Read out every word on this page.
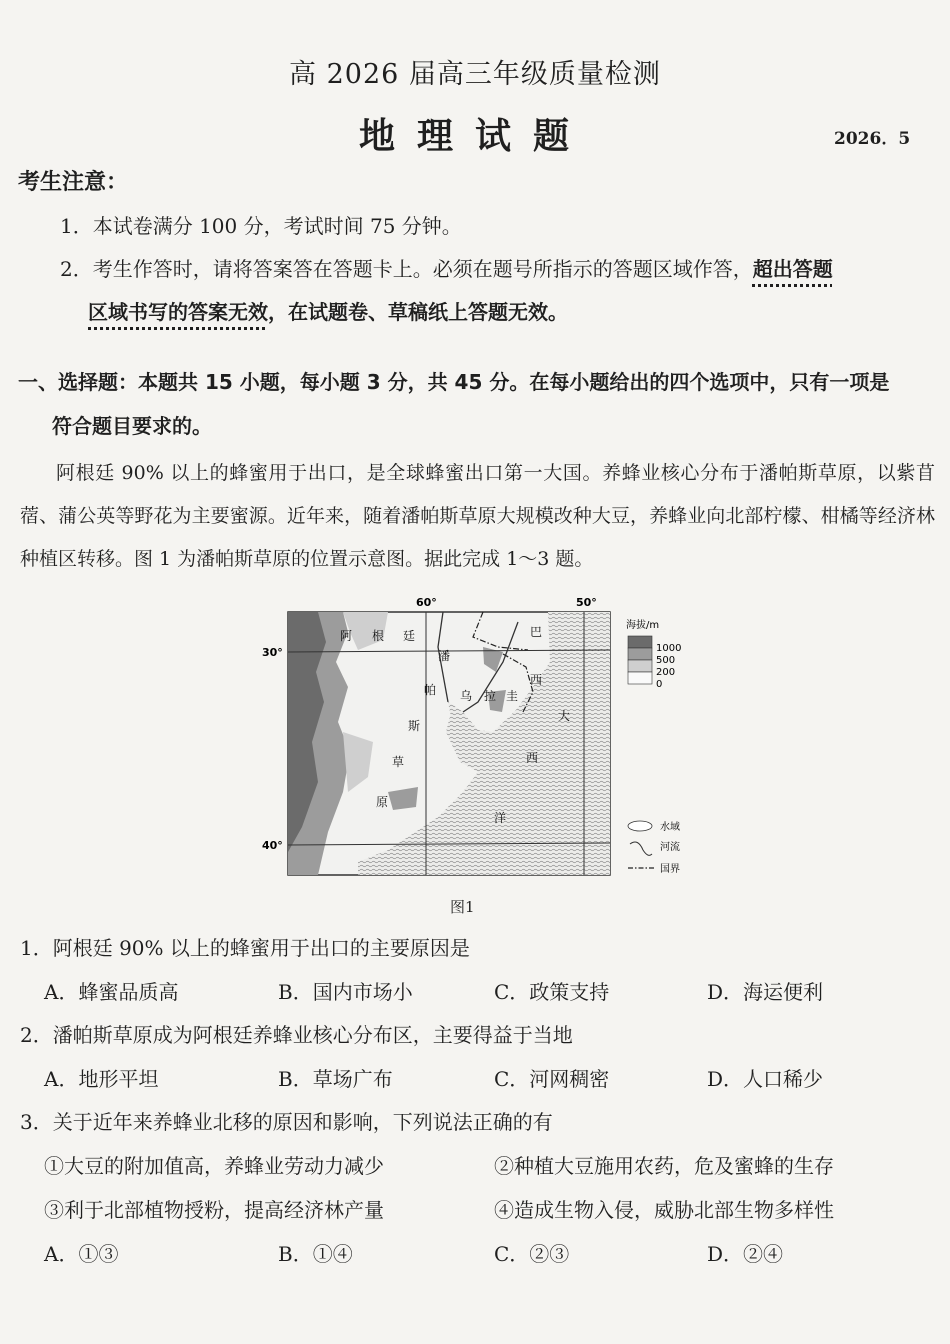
高 2026 届高三年级质量检测
地理试题	2026．5
考生注意：
1．本试卷满分 100 分，考试时间 75 分钟。
2．考生作答时，请将答案答在答题卡上。必须在题号所指示的答题区域作答，超出答题
区域书写的答案无效，在试题卷、草稿纸上答题无效。
一、选择题：本题共 15 小题，每小题 3 分，共 45 分。在每小题给出的四个选项中，只有一项是
符合题目要求的。
阿根廷 90% 以上的蜂蜜用于出口，是全球蜂蜜出口第一大国。养蜂业核心分布于潘帕斯草原，以紫苜蓿、蒲公英等野花为主要蜜源。近年来，随着潘帕斯草原大规模改种大豆，养蜂业向北部柠檬、柑橘等经济林种植区转移。图 1 为潘帕斯草原的位置示意图。据此完成 1～3 题。
60°	50°
30°
40°
阿 根 廷	巴
西
潘
帕
斯
草
原
乌 拉 圭
大
西
洋
海拔/m
1000
500
200
0
水域
河流
国界
图1
1．阿根廷 90% 以上的蜂蜜用于出口的主要原因是
A．蜂蜜品质高	B．国内市场小	C．政策支持	D．海运便利
2．潘帕斯草原成为阿根廷养蜂业核心分布区，主要得益于当地
A．地形平坦	B．草场广布	C．河网稠密	D．人口稀少
3．关于近年来养蜂业北移的原因和影响，下列说法正确的有
①大豆的附加值高，养蜂业劳动力减少	②种植大豆施用农药，危及蜜蜂的生存
③利于北部植物授粉，提高经济林产量	④造成生物入侵，威胁北部生物多样性
A．①③	B．①④	C．②③	D．②④
